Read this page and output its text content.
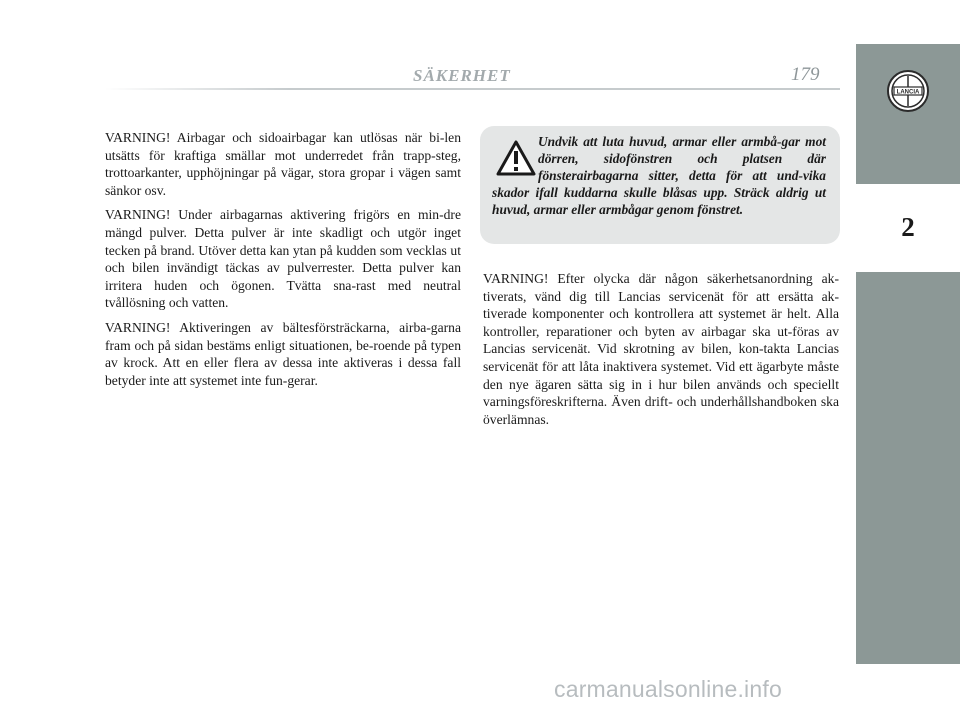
SÄKERHET	179
LANCIA
2

VARNING! Airbagar och sidoairbagar kan utlösas när bi-len utsätts för kraftiga smällar mot underredet från trapp-steg, trottoarkanter, upphöjningar på vägar, stora gropar i vägen samt sänkor osv.

VARNING! Under airbagarnas aktivering frigörs en min-dre mängd pulver. Detta pulver är inte skadligt och utgör inget tecken på brand. Utöver detta kan ytan på kudden som vecklas ut och bilen invändigt täckas av pulverrester. Detta pulver kan irritera huden och ögonen. Tvätta sna-rast med neutral tvållösning och vatten.

VARNING! Aktiveringen av bältesförsträckarna, airba-garna fram och på sidan bestäms enligt situationen, be-roende på typen av krock. Att en eller flera av dessa inte aktiveras i dessa fall betyder inte att systemet inte fun-gerar.

Undvik att luta huvud, armar eller armbå-gar mot dörren, sidofönstren och platsen där fönsterairbagarna sitter, detta för att und-vika skador ifall kuddarna skulle blåsas upp. Sträck aldrig ut huvud, armar eller armbågar genom fönstret.

VARNING! Efter olycka där någon säkerhetsanordning ak-tiverats, vänd dig till Lancias servicenät för att ersätta ak-tiverade komponenter och kontrollera att systemet är helt. Alla kontroller, reparationer och byten av airbagar ska ut-föras av Lancias servicenät. Vid skrotning av bilen, kon-takta Lancias servicenät för att låta inaktivera systemet. Vid ett ägarbyte måste den nye ägaren sätta sig in i hur bilen används och speciellt varningsföreskrifterna. Även drift- och underhållshandboken ska överlämnas.

carmanualsonline.info
